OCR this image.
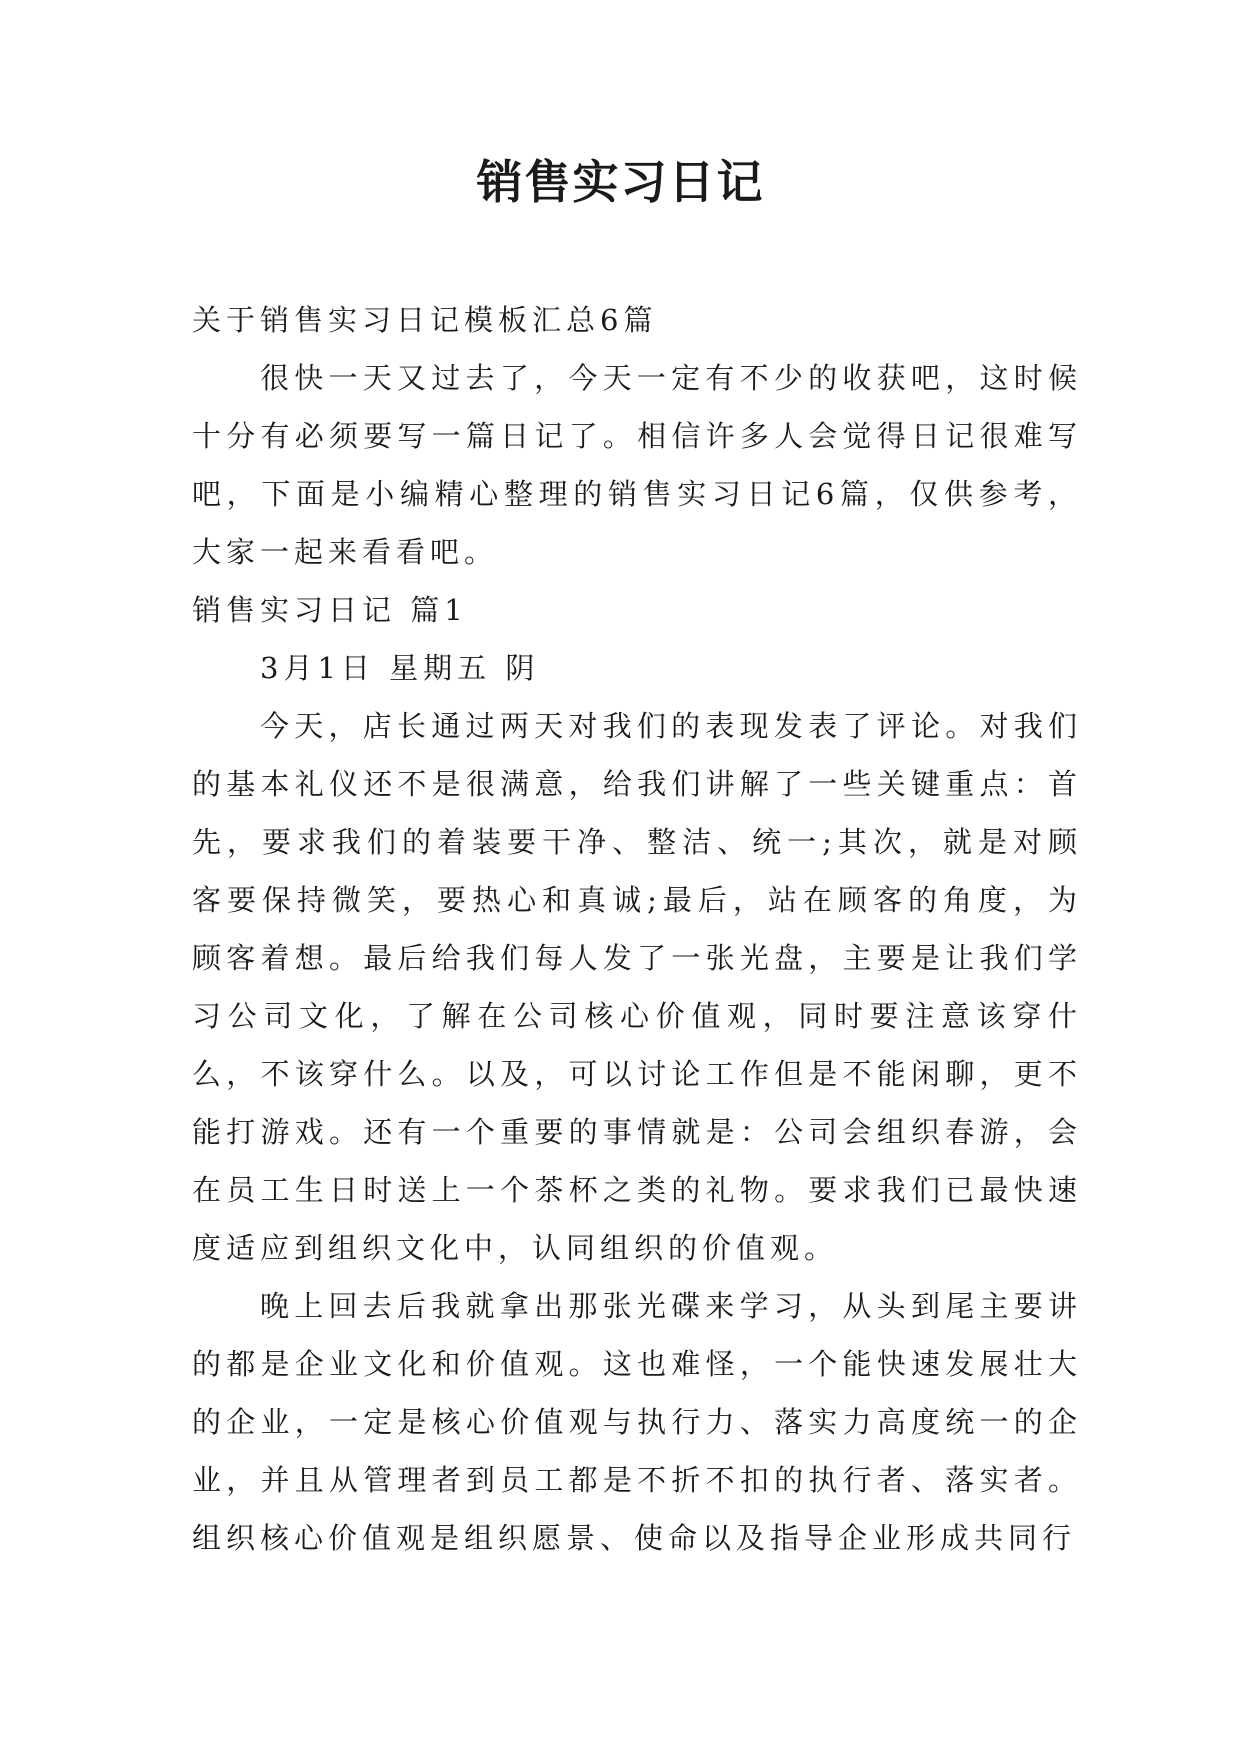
销售实习日记

关于销售实习日记模板汇总6篇

很快一天又过去了，今天一定有不少的收获吧，这时候十分有必须要写一篇日记了。相信许多人会觉得日记很难写吧，下面是小编精心整理的销售实习日记6篇，仅供参考，大家一起来看看吧。

销售实习日记 篇1

3月1日 星期五 阴

今天，店长通过两天对我们的表现发表了评论。对我们的基本礼仪还不是很满意，给我们讲解了一些关键重点：首先，要求我们的着装要干净、整洁、统一;其次，就是对顾客要保持微笑，要热心和真诚;最后，站在顾客的角度，为顾客着想。最后给我们每人发了一张光盘，主要是让我们学习公司文化，了解在公司核心价值观，同时要注意该穿什么，不该穿什么。以及，可以讨论工作但是不能闲聊，更不能打游戏。还有一个重要的事情就是：公司会组织春游，会在员工生日时送上一个茶杯之类的礼物。要求我们已最快速度适应到组织文化中，认同组织的价值观。

晚上回去后我就拿出那张光碟来学习，从头到尾主要讲的都是企业文化和价值观。这也难怪，一个能快速发展壮大的企业，一定是核心价值观与执行力、落实力高度统一的企业，并且从管理者到员工都是不折不扣的执行者、落实者。组织核心价值观是组织愿景、使命以及指导企业形成共同行
